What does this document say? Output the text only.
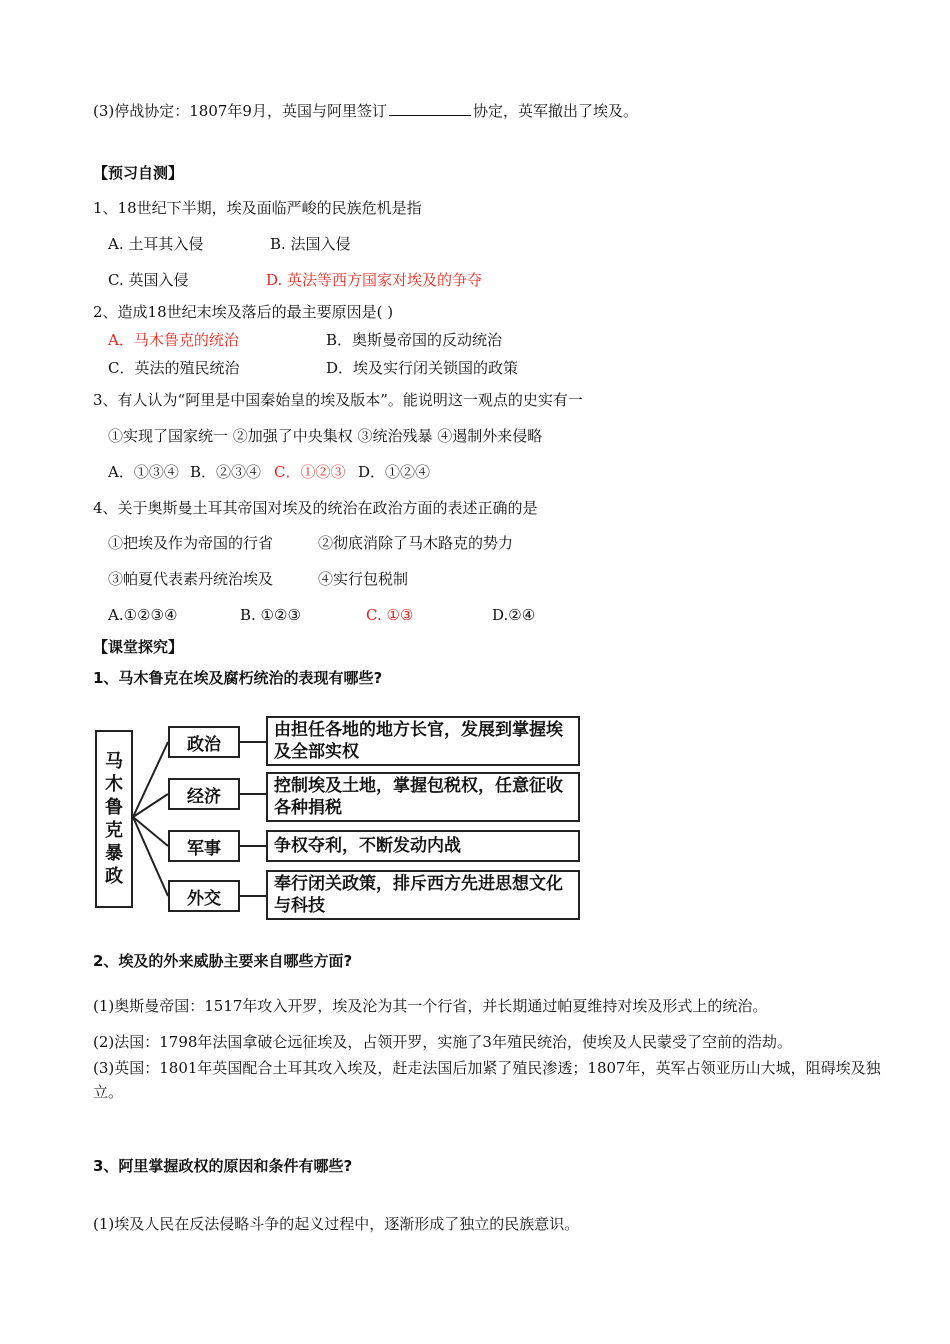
(3)停战协定：1807年9月，英国与阿里签订	协定，英军撤出了埃及。
【预习自测】
1、18世纪下半期，埃及面临严峻的民族危机是指
A. 土耳其入侵	B. 法国入侵
C. 英国入侵	D. 英法等西方国家对埃及的争夺
2、造成18世纪末埃及落后的最主要原因是( )
A．马木鲁克的统治	B．奥斯曼帝国的反动统治
C．英法的殖民统治	D．埃及实行闭关锁国的政策
3、有人认为“阿里是中国秦始皇的埃及版本”。能说明这一观点的史实有一
①实现了国家统一 ②加强了中央集权 ③统治残暴 ④遏制外来侵略
A．①③④ B．②③④ C．①②③ D．①②④
4、关于奥斯曼土耳其帝国对埃及的统治在政治方面的表述正确的是
①把埃及作为帝国的行省	②彻底消除了马木路克的势力
③帕夏代表素丹统治埃及	④实行包税制
A.①②③④	B. ①②③	C. ①③	D.②④
【课堂探究】
1、马木鲁克在埃及腐朽统治的表现有哪些?
马
木
鲁
克
暴
政
政治
由担任各地的地方长官，发展到掌握埃及全部实权
经济
控制埃及土地，掌握包税权，任意征收各种捐税
军事	争权夺利，不断发动内战
外交
奉行闭关政策，排斥西方先进思想文化与科技
2、埃及的外来威胁主要来自哪些方面?
(1)奥斯曼帝国：1517年攻入开罗，埃及沦为其一个行省，并长期通过帕夏维持对埃及形式上的统治。
(2)法国：1798年法国拿破仑远征埃及，占领开罗，实施了3年殖民统治，使埃及人民蒙受了空前的浩劫。
(3)英国：1801年英国配合土耳其攻入埃及，赶走法国后加紧了殖民渗透；1807年，英军占领亚历山大城，阻碍埃及独立。
3、阿里掌握政权的原因和条件有哪些?
(1)埃及人民在反法侵略斗争的起义过程中，逐渐形成了独立的民族意识。
